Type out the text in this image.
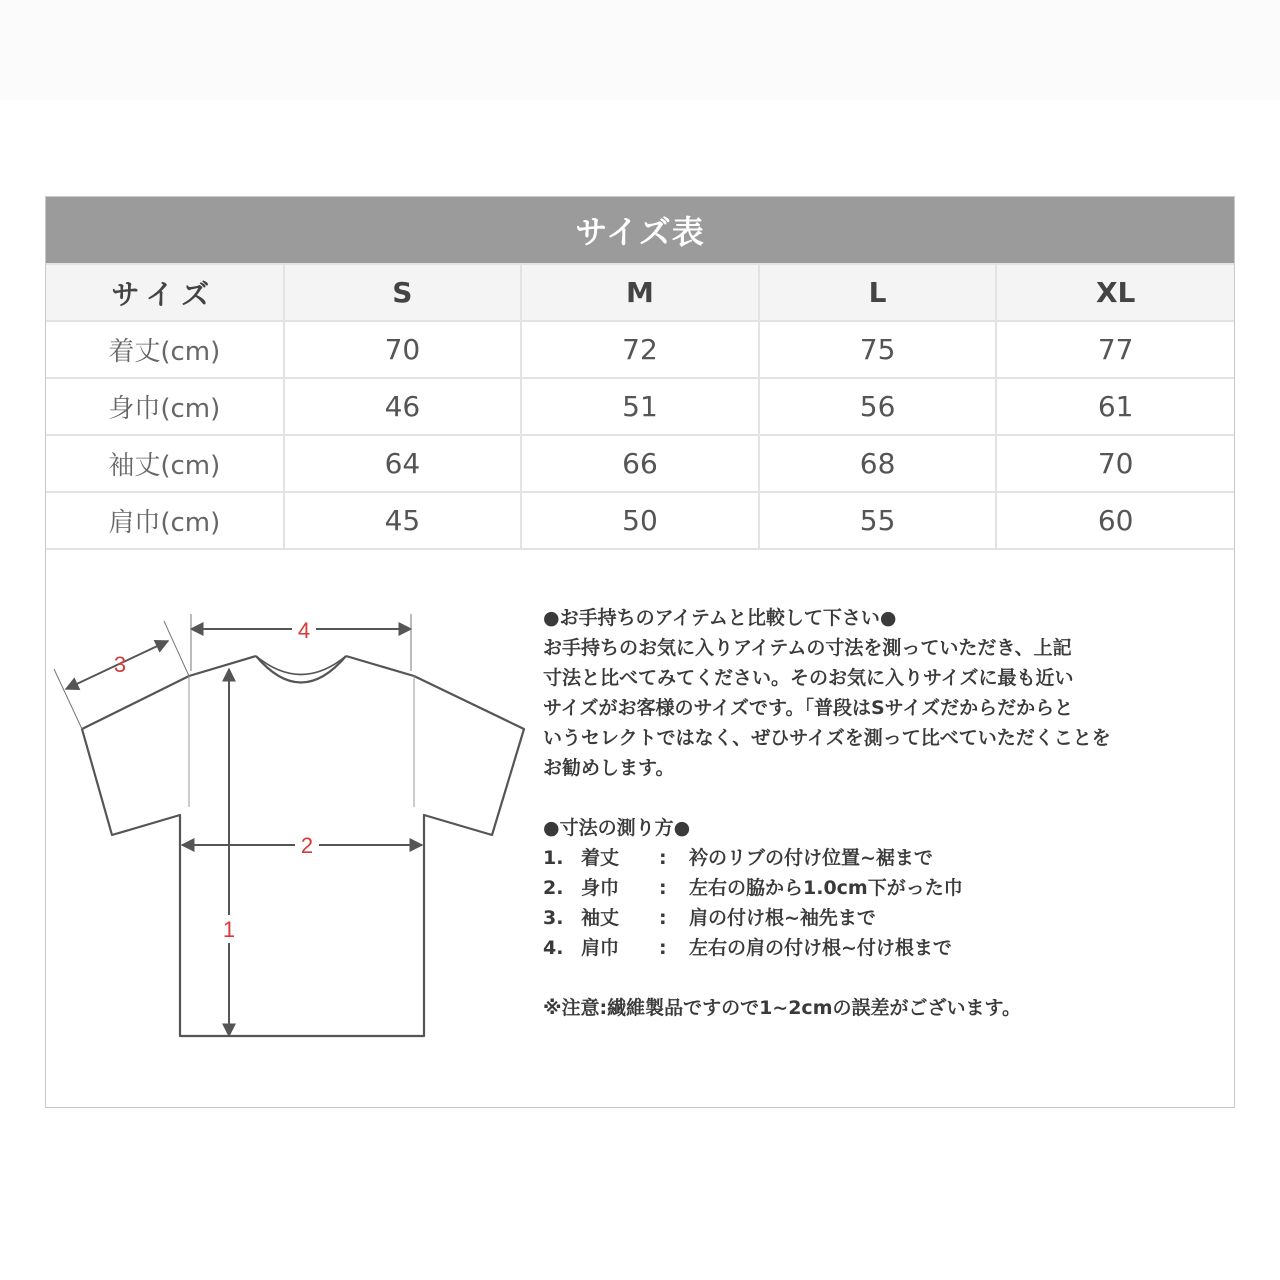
サイズ表
サイズ	S	M	L	XL
着丈(cm)	70	72	75	77
身巾(cm)	46	51	56	61
袖丈(cm)	64	66	68	70
肩巾(cm)	45	50	55	60
4
3
2
1

●お手持ちのアイテムと比較して下さい●

お手持ちのお気に入りアイテムの寸法を測っていただき、上記

寸法と比べてみてください。そのお気に入りサイズに最も近い

サイズがお客様のサイズです。「普段はSサイズだからだからと

いうセレクトではなく、ぜひサイズを測って比べていただくことを

お勧めします。

●寸法の測り方●

1. 着丈	:	衿のリブの付け位置~裾まで
2. 身巾	:	左右の脇から1.0cm下がった巾
3. 袖丈	:	肩の付け根~袖先まで
4. 肩巾	:	左右の肩の付け根~付け根まで

※注意:繊維製品ですので1~2cmの誤差がございます。
